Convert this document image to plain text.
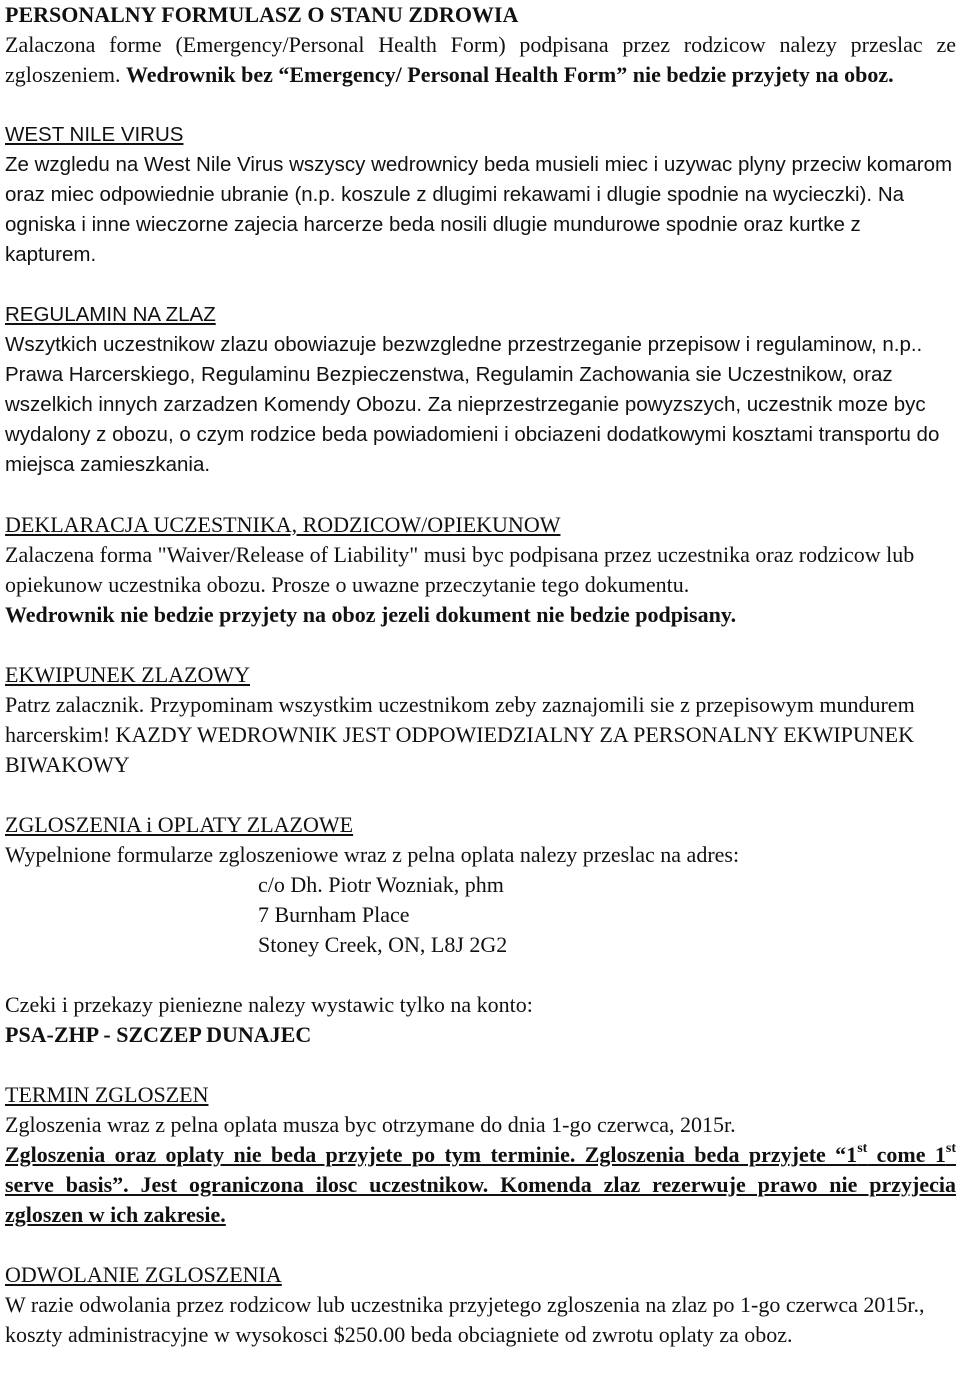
PERSONALNY FORMULASZ O STANU ZDROWIA

Zalaczona forme (Emergency/Personal Health Form) podpisana przez rodzicow nalezy przeslac ze zgloszeniem. Wedrownik bez “Emergency/ Personal Health Form” nie bedzie przyjety na oboz.

WEST NILE VIRUS

Ze wzgledu na West Nile Virus wszyscy wedrownicy beda musieli miec i uzywac plyny przeciw komarom oraz miec odpowiednie ubranie (n.p. koszule z dlugimi rekawami i dlugie spodnie na wycieczki). Na ogniska i inne wieczorne zajecia harcerze beda nosili dlugie mundurowe spodnie oraz kurtke z kapturem.

REGULAMIN NA ZLAZ

Wszytkich uczestnikow zlazu obowiazuje bezwzgledne przestrzeganie przepisow i regulaminow, n.p.. Prawa Harcerskiego, Regulaminu Bezpieczenstwa, Regulamin Zachowania sie Uczestnikow, oraz wszelkich innych zarzadzen Komendy Obozu. Za nieprzestrzeganie powyzszych, uczestnik moze byc wydalony z obozu, o czym rodzice beda powiadomieni i obciazeni dodatkowymi kosztami transportu do miejsca zamieszkania.

DEKLARACJA UCZESTNIKA, RODZICOW/OPIEKUNOW

Zalaczena forma "Waiver/Release of Liability" musi byc podpisana przez uczestnika oraz rodzicow lub opiekunow uczestnika obozu. Prosze o uwazne przeczytanie tego dokumentu.

Wedrownik nie bedzie przyjety na oboz jezeli dokument nie bedzie podpisany.

EKWIPUNEK ZLAZOWY

Patrz zalacznik. Przypominam wszystkim uczestnikom zeby zaznajomili sie z przepisowym mundurem harcerskim! KAZDY WEDROWNIK JEST ODPOWIEDZIALNY ZA PERSONALNY EKWIPUNEK BIWAKOWY

ZGLOSZENIA i OPLATY ZLAZOWE

Wypelnione formularze zgloszeniowe wraz z pelna oplata nalezy przeslac na adres:

c/o Dh. Piotr Wozniak, phm

7 Burnham Place

Stoney Creek, ON, L8J 2G2

Czeki i przekazy pieniezne nalezy wystawic tylko na konto:

PSA-ZHP - SZCZEP DUNAJEC

TERMIN ZGLOSZEN

Zgloszenia wraz z pelna oplata musza byc otrzymane do dnia 1-go czerwca, 2015r.

Zgloszenia oraz oplaty nie beda przyjete po tym terminie. Zgloszenia beda przyjete “1st come 1st serve basis”. Jest ograniczona ilosc uczestnikow. Komenda zlaz rezerwuje prawo nie przyjecia zgloszen w ich zakresie.

ODWOLANIE ZGLOSZENIA

W razie odwolania przez rodzicow lub uczestnika przyjetego zgloszenia na zlaz po 1-go czerwca 2015r., koszty administracyjne w wysokosci $250.00 beda obciagniete od zwrotu oplaty za oboz.
